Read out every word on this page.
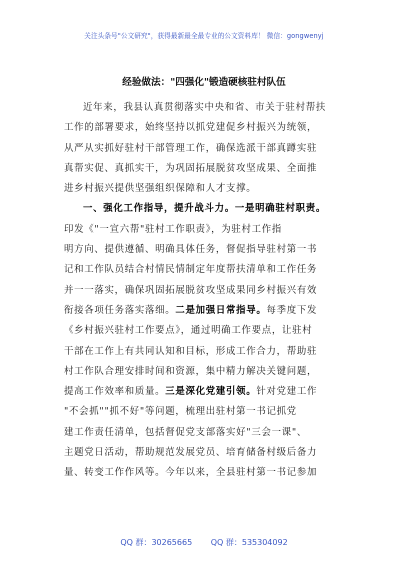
关注头条号"公文研究"，获得最新最全最专业的公文资料库！ 微信：gongwenyj
经验做法："四强化"锻造硬核驻村队伍
近年来，我县认真贯彻落实中央和省、市关于驻村帮扶
工作的部署要求，始终坚持以抓党建促乡村振兴为统领，
从严从实抓好驻村干部管理工作，确保选派干部真蹲实驻
真帮实促、真抓实干，为巩固拓展脱贫攻坚成果、全面推
进乡村振兴提供坚强组织保障和人才支撑。
一、强化工作指导，提升战斗力。一是明确驻村职责。
印发《"一宣六帮"驻村工作职责》，为驻村工作指
明方向、提供遵循、明确具体任务，督促指导驻村第一书
记和工作队员结合村情民情制定年度帮扶清单和工作任务
并一一落实，确保巩固拓展脱贫攻坚成果同乡村振兴有效
衔接各项任务落实落细。二是加强日常指导。每季度下发
《乡村振兴驻村工作要点》，通过明确工作要点，让驻村
干部在工作上有共同认知和目标，形成工作合力，帮助驻
村工作队合理安排时间和资源，集中精力解决关键问题，
提高工作效率和质量。三是深化党建引领。针对党建工作
"不会抓""抓不好"等问题，梳理出驻村第一书记抓党
建工作责任清单，包括督促党支部落实好"三会一课"、
主题党日活动，帮助规范发展党员、培育储备村级后备力
量、转变工作作风等。今年以来，全县驻村第一书记参加
QQ 群：30265665 QQ 群：535304092
